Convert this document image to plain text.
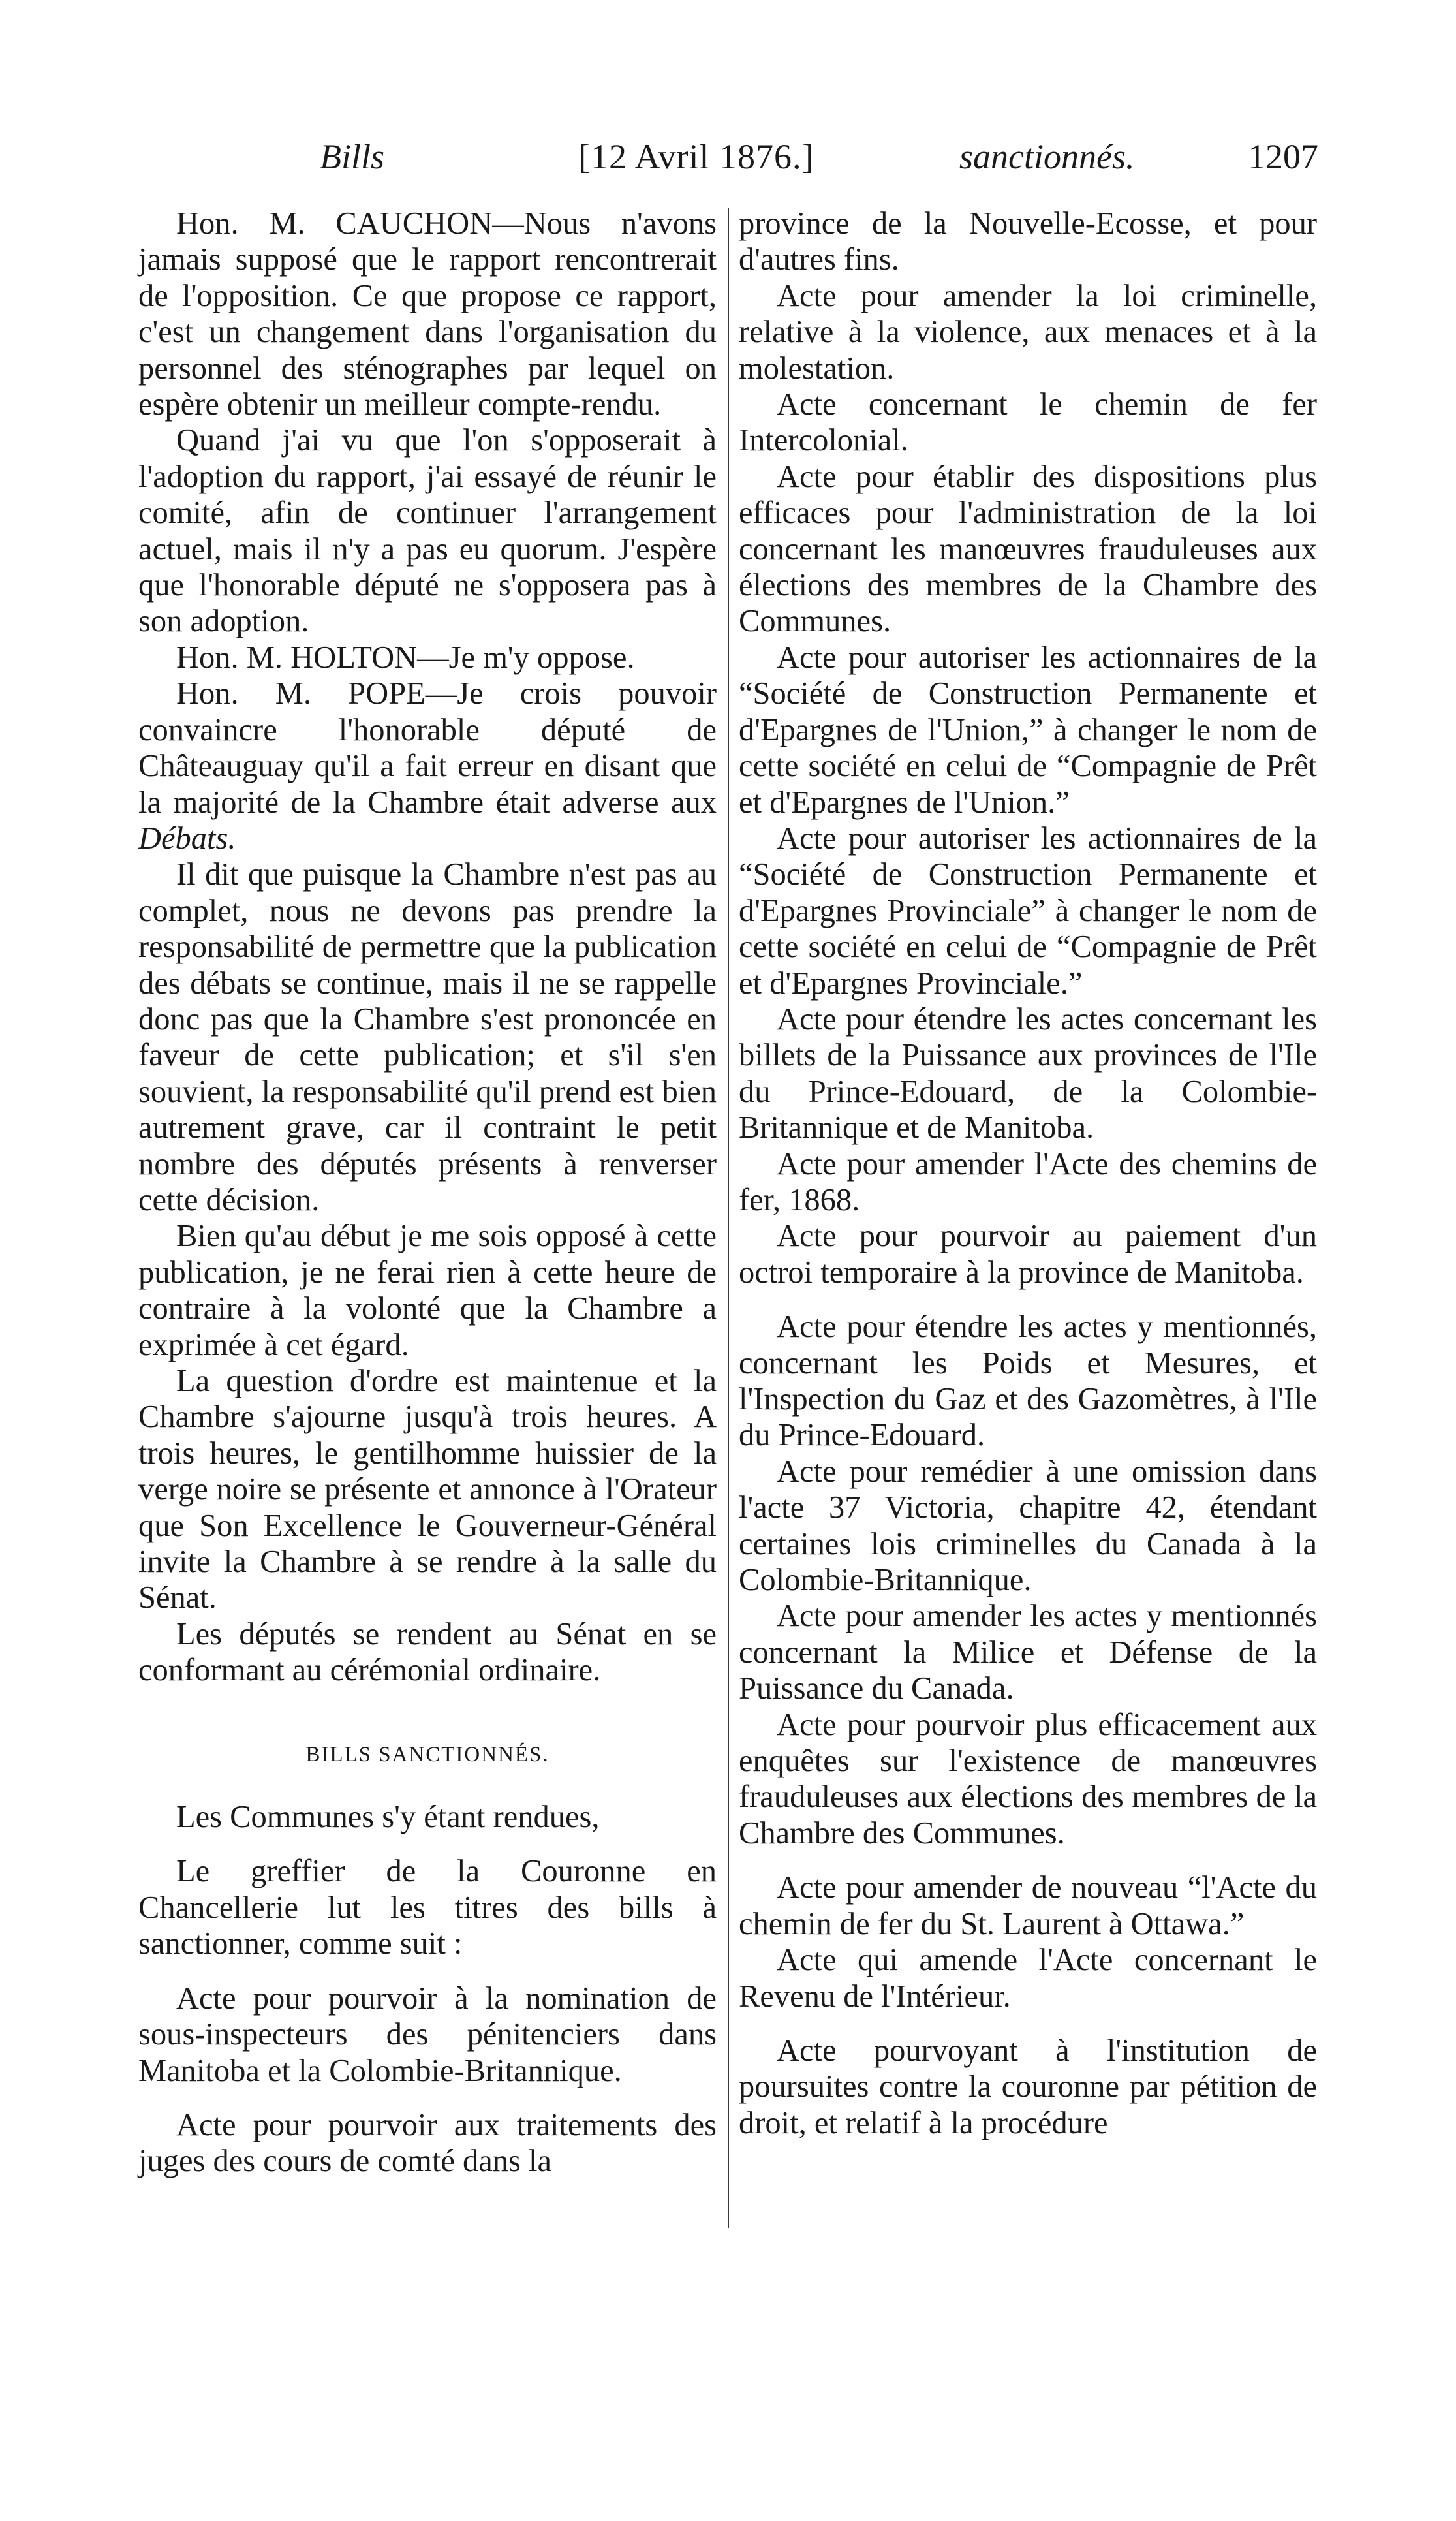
Bills	[12 Avril 1876.]	sanctionnés.	1207

Hon. M. CAUCHON—Nous n'avons jamais supposé que le rapport rencontrerait de l'opposition. Ce que propose ce rapport, c'est un changement dans l'organisation du personnel des sténographes par lequel on espère obtenir un meilleur compte-rendu.

Quand j'ai vu que l'on s'opposerait à l'adoption du rapport, j'ai essayé de réunir le comité, afin de continuer l'arrangement actuel, mais il n'y a pas eu quorum. J'espère que l'honorable député ne s'opposera pas à son adoption.

Hon. M. HOLTON—Je m'y oppose.

Hon. M. POPE—Je crois pouvoir convaincre l'honorable député de Châteauguay qu'il a fait erreur en disant que la majorité de la Chambre était adverse aux Débats.

Il dit que puisque la Chambre n'est pas au complet, nous ne devons pas prendre la responsabilité de permettre que la publication des débats se continue, mais il ne se rappelle donc pas que la Chambre s'est prononcée en faveur de cette publication; et s'il s'en souvient, la responsabilité qu'il prend est bien autrement grave, car il contraint le petit nombre des députés présents à renverser cette décision.

Bien qu'au début je me sois opposé à cette publication, je ne ferai rien à cette heure de contraire à la volonté que la Chambre a exprimée à cet égard.

La question d'ordre est maintenue et la Chambre s'ajourne jusqu'à trois heures. A trois heures, le gentilhomme huissier de la verge noire se présente et annonce à l'Orateur que Son Excellence le Gouverneur-Général invite la Chambre à se rendre à la salle du Sénat.

Les députés se rendent au Sénat en se conformant au cérémonial ordinaire.

BILLS SANCTIONNÉS.

Les Communes s'y étant rendues,

Le greffier de la Couronne en Chancellerie lut les titres des bills à sanctionner, comme suit :

Acte pour pourvoir à la nomination de sous-inspecteurs des pénitenciers dans Manitoba et la Colombie-Britannique.

Acte pour pourvoir aux traitements des juges des cours de comté dans la

province de la Nouvelle-Ecosse, et pour d'autres fins.

Acte pour amender la loi criminelle, relative à la violence, aux menaces et à la molestation.

Acte concernant le chemin de fer Intercolonial.

Acte pour établir des dispositions plus efficaces pour l'administration de la loi concernant les manœuvres frauduleuses aux élections des membres de la Chambre des Communes.

Acte pour autoriser les actionnaires de la “Société de Construction Permanente et d'Epargnes de l'Union,” à changer le nom de cette société en celui de “Compagnie de Prêt et d'Epargnes de l'Union.”

Acte pour autoriser les actionnaires de la “Société de Construction Permanente et d'Epargnes Provinciale” à changer le nom de cette société en celui de “Compagnie de Prêt et d'Epargnes Provinciale.”

Acte pour étendre les actes concernant les billets de la Puissance aux provinces de l'Ile du Prince-Edouard, de la Colombie-Britannique et de Manitoba.

Acte pour amender l'Acte des chemins de fer, 1868.

Acte pour pourvoir au paiement d'un octroi temporaire à la province de Manitoba.

Acte pour étendre les actes y mentionnés, concernant les Poids et Mesures, et l'Inspection du Gaz et des Gazomètres, à l'Ile du Prince-Edouard.

Acte pour remédier à une omission dans l'acte 37 Victoria, chapitre 42, étendant certaines lois criminelles du Canada à la Colombie-Britannique.

Acte pour amender les actes y mentionnés concernant la Milice et Défense de la Puissance du Canada.

Acte pour pourvoir plus efficacement aux enquêtes sur l'existence de manœuvres frauduleuses aux élections des membres de la Chambre des Communes.

Acte pour amender de nouveau “l'Acte du chemin de fer du St. Laurent à Ottawa.”

Acte qui amende l'Acte concernant le Revenu de l'Intérieur.

Acte pourvoyant à l'institution de poursuites contre la couronne par pétition de droit, et relatif à la procédure
